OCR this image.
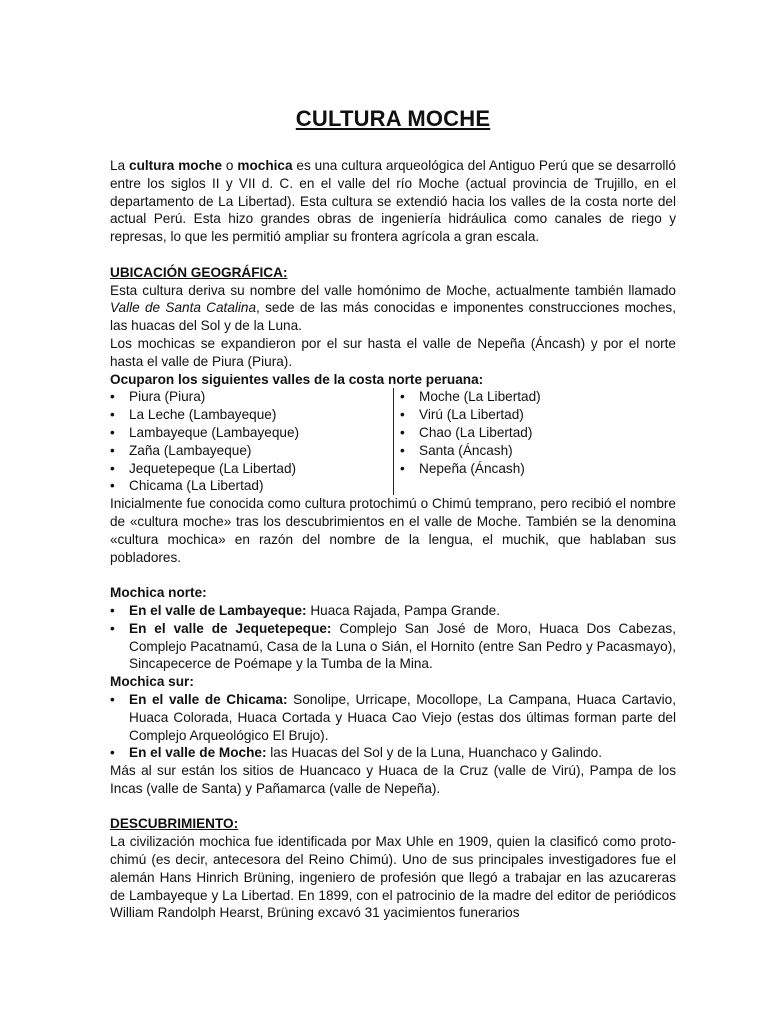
CULTURA MOCHE

La cultura moche o mochica es una cultura arqueológica del Antiguo Perú que se desarrolló entre los siglos II y VII d. C. en el valle del río Moche (actual provincia de Trujillo, en el departamento de La Libertad). Esta cultura se extendió hacia los valles de la costa norte del actual Perú. Esta hizo grandes obras de ingeniería hidráulica como canales de riego y represas, lo que les permitió ampliar su frontera agrícola a gran escala.

UBICACIÓN GEOGRÁFICA:

Esta cultura deriva su nombre del valle homónimo de Moche, actualmente también llamado Valle de Santa Catalina, sede de las más conocidas e imponentes construcciones moches, las huacas del Sol y de la Luna.

Los mochicas se expandieron por el sur hasta el valle de Nepeña (Áncash) y por el norte hasta el valle de Piura (Piura).

Ocuparon los siguientes valles de la costa norte peruana:
• Piura (Piura)
• La Leche (Lambayeque)
• Lambayeque (Lambayeque)
• Zaña (Lambayeque)
• Jequetepeque (La Libertad)
• Chicama (La Libertad)
• Moche (La Libertad)
• Virú (La Libertad)
• Chao (La Libertad)
• Santa (Áncash)
• Nepeña (Áncash)

Inicialmente fue conocida como cultura protochimú o Chimú temprano, pero recibió el nombre de «cultura moche» tras los descubrimientos en el valle de Moche. También se la denomina «cultura mochica» en razón del nombre de la lengua, el muchik, que hablaban sus pobladores.

Mochica norte:
• En el valle de Lambayeque: Huaca Rajada, Pampa Grande.
• En el valle de Jequetepeque: Complejo San José de Moro, Huaca Dos Cabezas, Complejo Pacatnamú, Casa de la Luna o Sián, el Hornito (entre San Pedro y Pacasmayo), Sincapecerce de Poémape y la Tumba de la Mina.
Mochica sur:
• En el valle de Chicama: Sonolipe, Urricape, Mocollope, La Campana, Huaca Cartavio, Huaca Colorada, Huaca Cortada y Huaca Cao Viejo (estas dos últimas forman parte del Complejo Arqueológico El Brujo).
• En el valle de Moche: las Huacas del Sol y de la Luna, Huanchaco y Galindo.

Más al sur están los sitios de Huancaco y Huaca de la Cruz (valle de Virú), Pampa de los Incas (valle de Santa) y Pañamarca (valle de Nepeña).

DESCUBRIMIENTO:

La civilización mochica fue identificada por Max Uhle en 1909, quien la clasificó como proto-chimú (es decir, antecesora del Reino Chimú). Uno de sus principales investigadores fue el alemán Hans Hinrich Brüning, ingeniero de profesión que llegó a trabajar en las azucareras de Lambayeque y La Libertad. En 1899, con el patrocinio de la madre del editor de periódicos William Randolph Hearst, Brüning excavó 31 yacimientos funerarios
